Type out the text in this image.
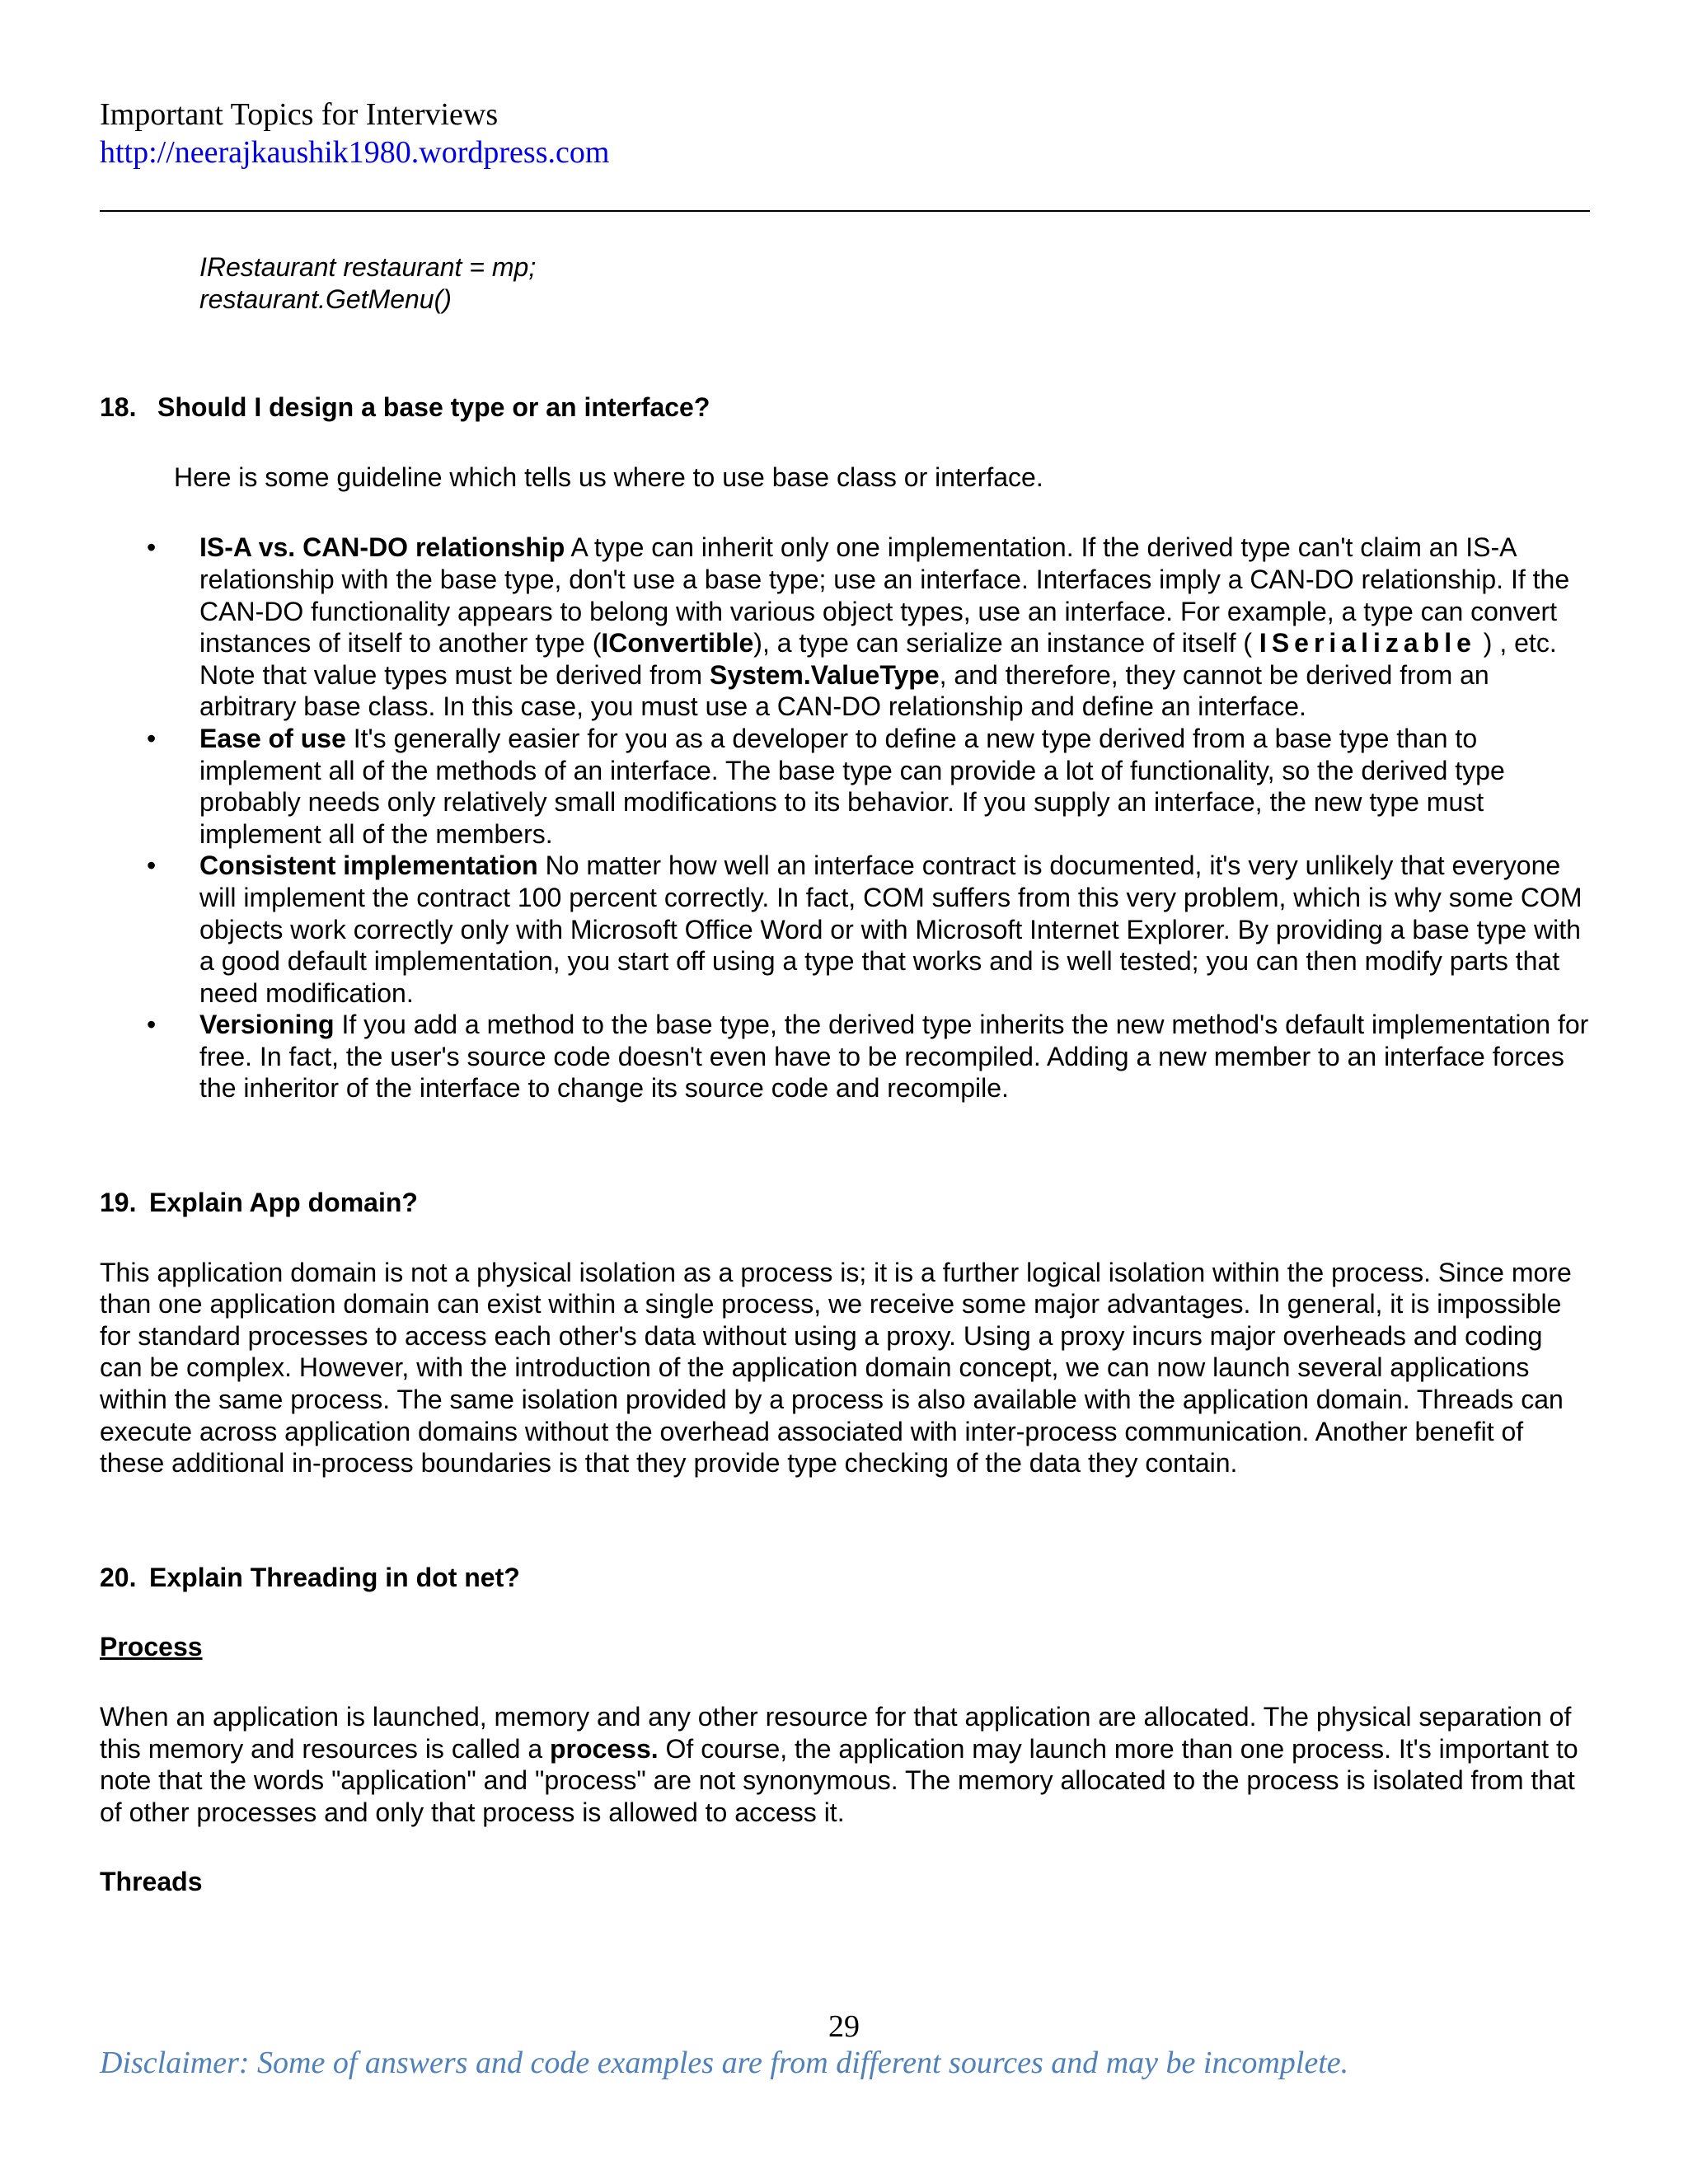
Important Topics for Interviews
http://neerajkaushik1980.wordpress.com
IRestaurant restaurant = mp;
restaurant.GetMenu()
18. Should I design a base type or an interface?

Here is some guideline which tells us where to use base class or interface.

• IS-A vs. CAN-DO relationship A type can inherit only one implementation. If the derived type can't claim an IS-A relationship with the base type, don't use a base type; use an interface. Interfaces imply a CAN-DO relationship. If the CAN-DO functionality appears to belong with various object types, use an interface. For example, a type can convert instances of itself to another type (IConvertible), a type can serialize an instance of itself ( ISerializable ) , etc. Note that value types must be derived from System.ValueType, and therefore, they cannot be derived from an arbitrary base class. In this case, you must use a CAN-DO relationship and define an interface.
• Ease of use It's generally easier for you as a developer to define a new type derived from a base type than to implement all of the methods of an interface. The base type can provide a lot of functionality, so the derived type probably needs only relatively small modifications to its behavior. If you supply an interface, the new type must implement all of the members.
• Consistent implementation No matter how well an interface contract is documented, it's very unlikely that everyone will implement the contract 100 percent correctly. In fact, COM suffers from this very problem, which is why some COM objects work correctly only with Microsoft Office Word or with Microsoft Internet Explorer. By providing a base type with a good default implementation, you start off using a type that works and is well tested; you can then modify parts that need modification.
• Versioning If you add a method to the base type, the derived type inherits the new method's default implementation for free. In fact, the user's source code doesn't even have to be recompiled. Adding a new member to an interface forces the inheritor of the interface to change its source code and recompile.
19. Explain App domain?

This application domain is not a physical isolation as a process is; it is a further logical isolation within the process. Since more than one application domain can exist within a single process, we receive some major advantages. In general, it is impossible for standard processes to access each other's data without using a proxy. Using a proxy incurs major overheads and coding can be complex. However, with the introduction of the application domain concept, we can now launch several applications within the same process. The same isolation provided by a process is also available with the application domain. Threads can execute across application domains without the overhead associated with inter-process communication. Another benefit of these additional in-process boundaries is that they provide type checking of the data they contain.

20. Explain Threading in dot net?

Process

When an application is launched, memory and any other resource for that application are allocated. The physical separation of this memory and resources is called a process. Of course, the application may launch more than one process. It's important to note that the words "application" and "process" are not synonymous. The memory allocated to the process is isolated from that of other processes and only that process is allowed to access it.

Threads

29
Disclaimer: Some of answers and code examples are from different sources and may be incomplete.
